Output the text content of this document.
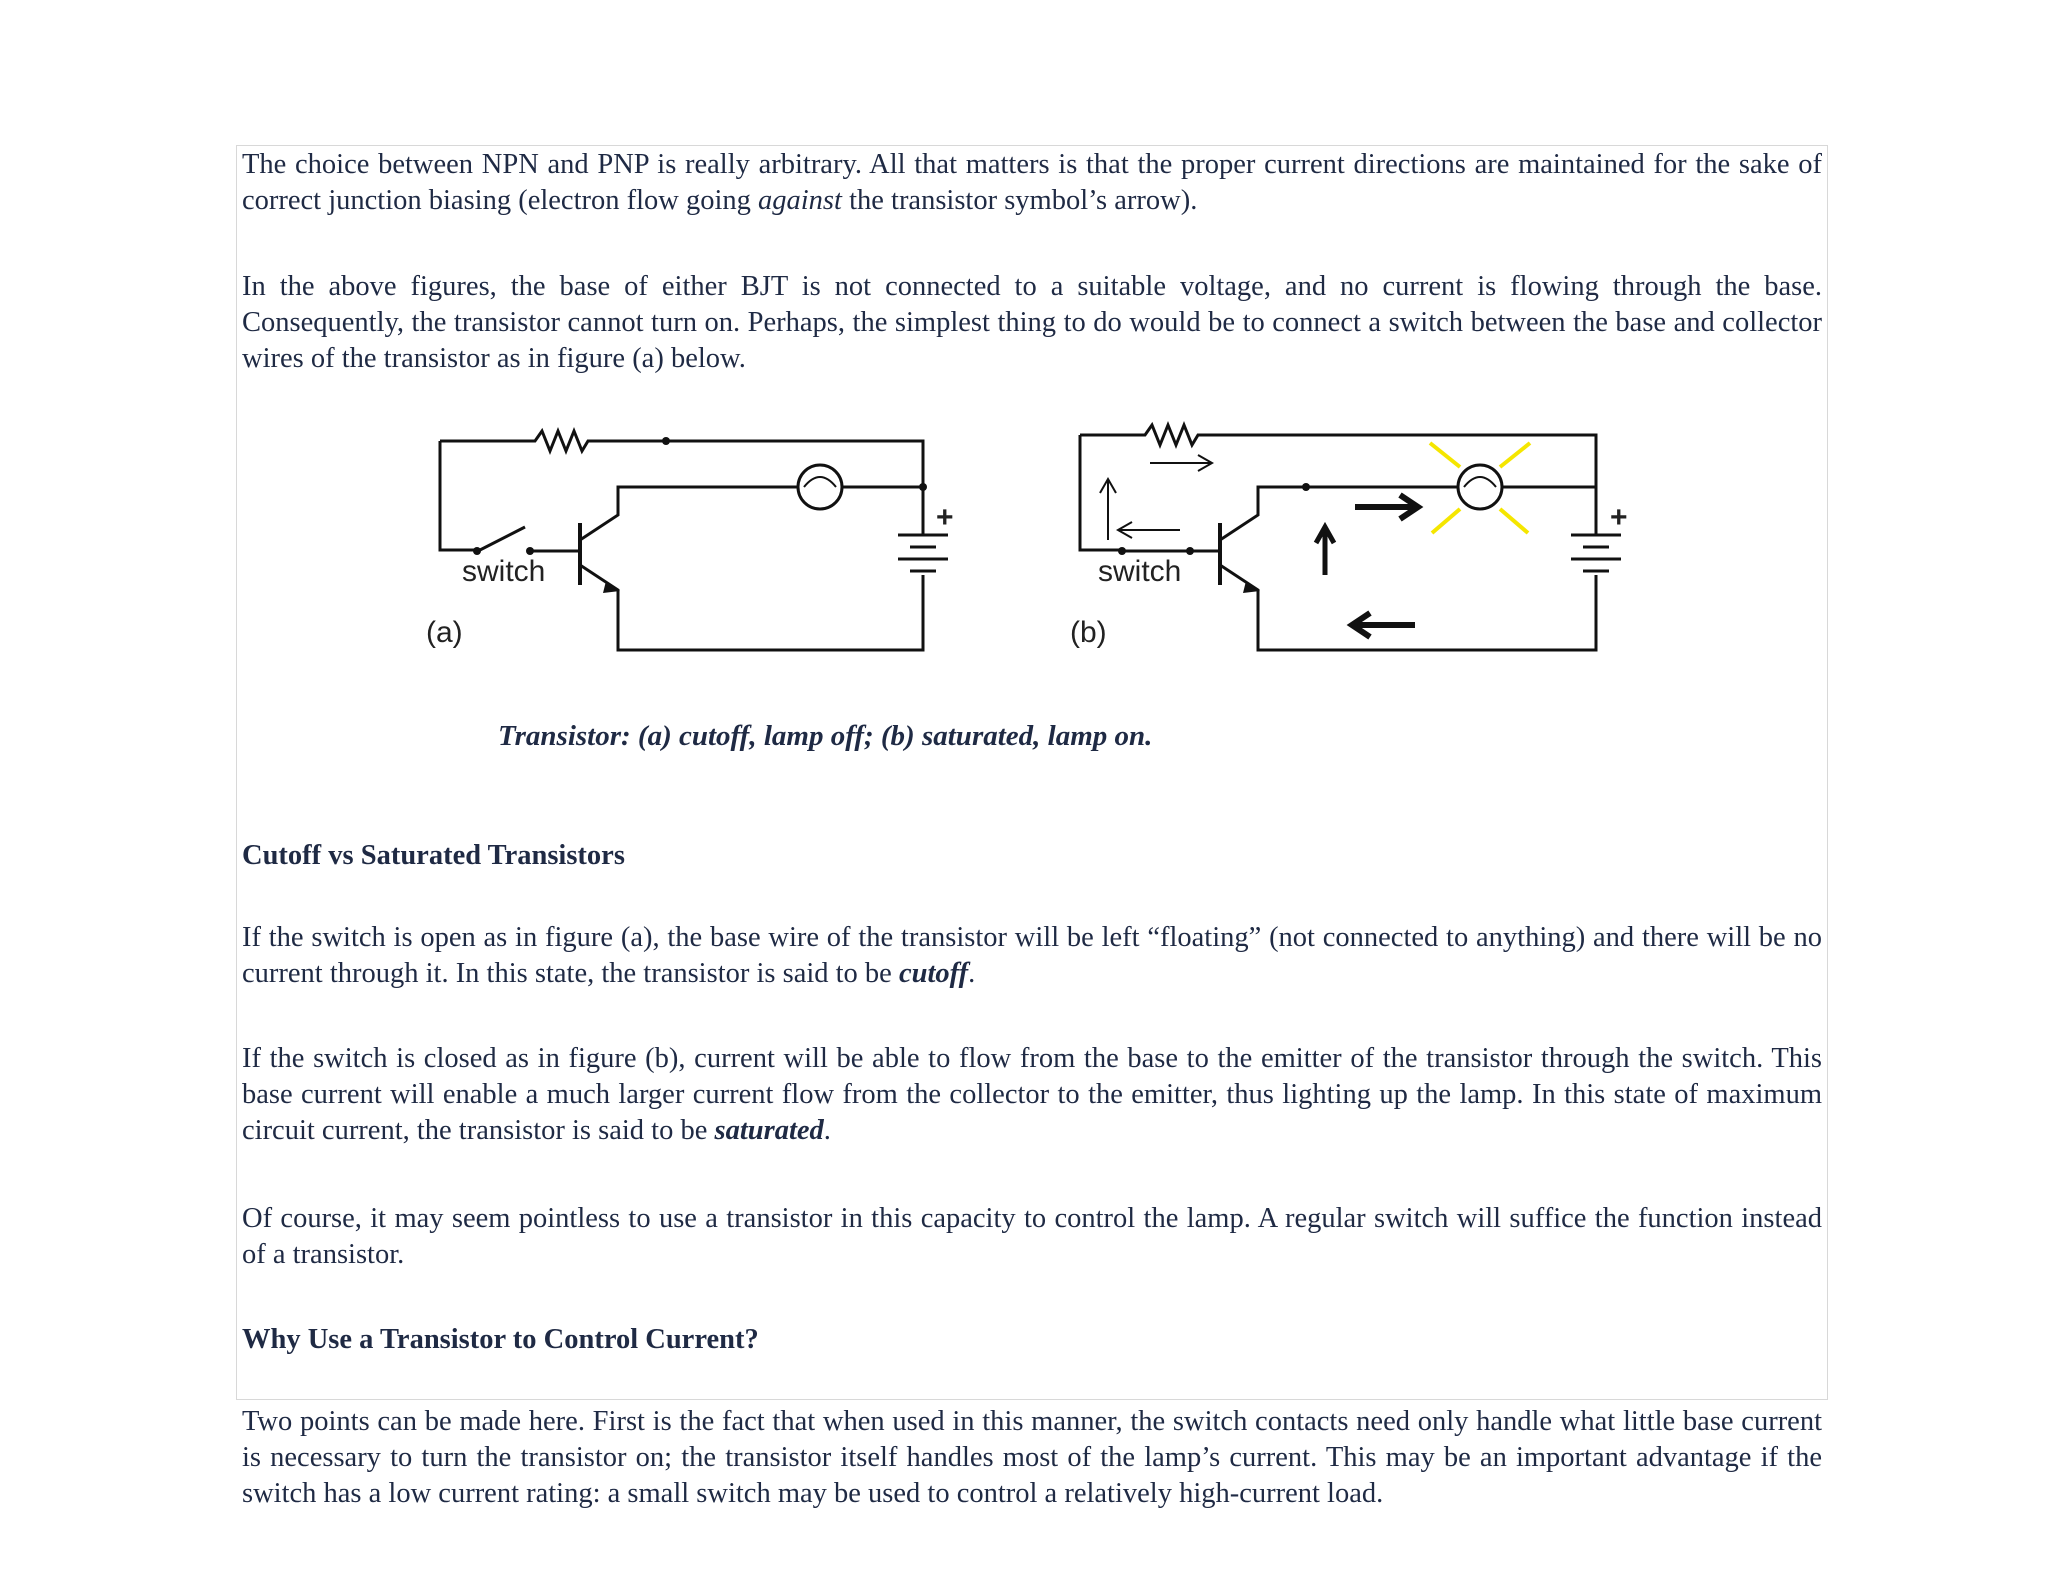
The choice between NPN and PNP is really arbitrary. All that matters is that the proper current directions are maintained for the sake of correct junction biasing (electron flow going against the transistor symbol’s arrow).

In the above figures, the base of either BJT is not connected to a suitable voltage, and no current is flowing through the base. Consequently, the transistor cannot turn on. Perhaps, the simplest thing to do would be to connect a switch between the base and collector wires of the transistor as in figure (a) below.

switch
(a)
+
switch
(b)
+
Transistor: (a) cutoff, lamp off; (b) saturated, lamp on.
Cutoff vs Saturated Transistors

If the switch is open as in figure (a), the base wire of the transistor will be left “floating” (not connected to anything) and there will be no current through it. In this state, the transistor is said to be cutoff.

If the switch is closed as in figure (b), current will be able to flow from the base to the emitter of the transistor through the switch. This base current will enable a much larger current flow from the collector to the emitter, thus lighting up the lamp. In this state of maximum circuit current, the transistor is said to be saturated.

Of course, it may seem pointless to use a transistor in this capacity to control the lamp. A regular switch will suffice the function instead of a transistor.

Why Use a Transistor to Control Current?

Two points can be made here. First is the fact that when used in this manner, the switch contacts need only handle what little base current is necessary to turn the transistor on; the transistor itself handles most of the lamp’s current. This may be an important advantage if the switch has a low current rating: a small switch may be used to control a relatively high-current load.
